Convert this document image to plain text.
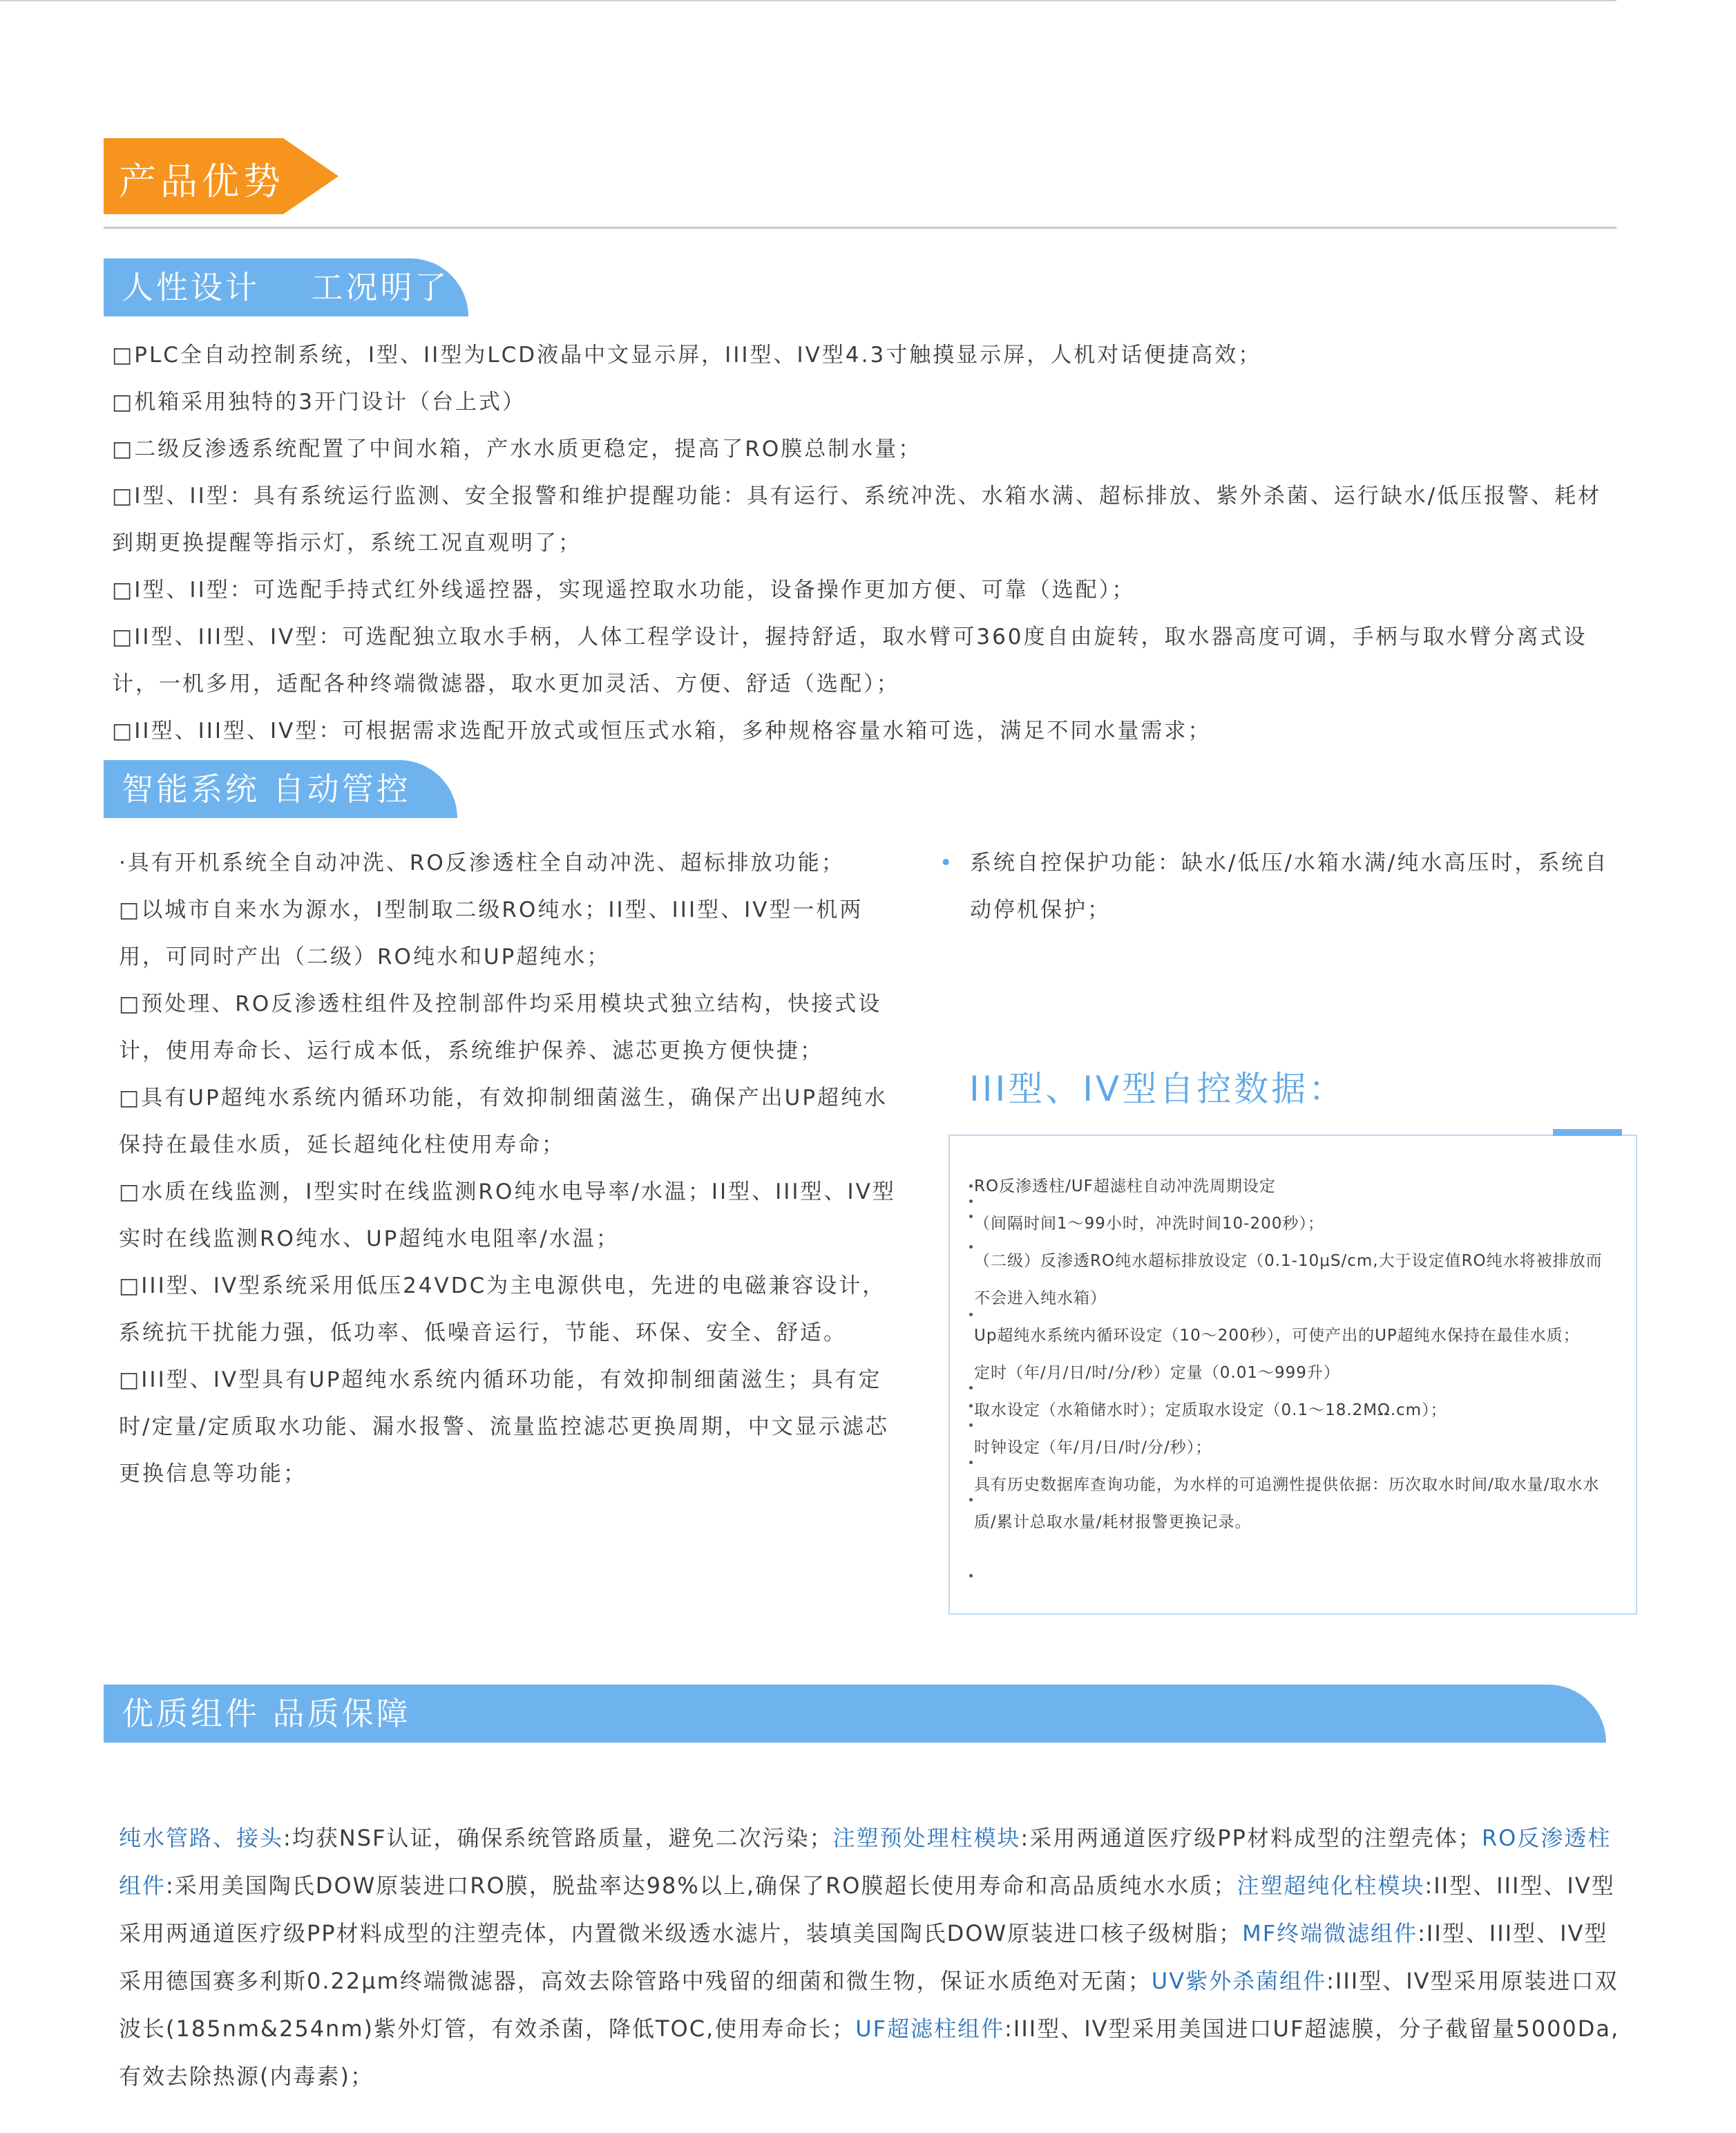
产品优势
人性设计    工况明了
□PLC全自动控制系统，I型、II型为LCD液晶中文显示屏，III型、IV型4.3寸触摸显示屏，人机对话便捷高效；
□机箱采用独特的3开门设计（台上式）
□二级反渗透系统配置了中间水箱，产水水质更稳定，提高了RO膜总制水量；
□I型、II型：具有系统运行监测、安全报警和维护提醒功能：具有运行、系统冲洗、水箱水满、超标排放、紫外杀菌、运行缺水/低压报警、耗材到期更换提醒等指示灯，系统工况直观明了；
□I型、II型：可选配手持式红外线遥控器，实现遥控取水功能，设备操作更加方便、可靠（选配）；
□II型、III型、IV型：可选配独立取水手柄，人体工程学设计，握持舒适，取水臂可360度自由旋转，取水器高度可调，手柄与取水臂分离式设计，一机多用，适配各种终端微滤器，取水更加灵活、方便、舒适（选配）；
□II型、III型、IV型：可根据需求选配开放式或恒压式水箱，多种规格容量水箱可选，满足不同水量需求；
智能系统 自动管控
·具有开机系统全自动冲洗、RO反渗透柱全自动冲洗、超标排放功能；
□以城市自来水为源水，I型制取二级RO纯水；II型、III型、IV型一机两用，可同时产出（二级）RO纯水和UP超纯水；
□预处理、RO反渗透柱组件及控制部件均采用模块式独立结构，快接式设计，使用寿命长、运行成本低，系统维护保养、滤芯更换方便快捷；
□具有UP超纯水系统内循环功能，有效抑制细菌滋生，确保产出UP超纯水保持在最佳水质，延长超纯化柱使用寿命；
□水质在线监测，I型实时在线监测RO纯水电导率/水温；II型、III型、IV型实时在线监测RO纯水、UP超纯水电阻率/水温；
□III型、IV型系统采用低压24VDC为主电源供电，先进的电磁兼容设计，系统抗干扰能力强，低功率、低噪音运行，节能、环保、安全、舒适。
□III型、IV型具有UP超纯水系统内循环功能，有效抑制细菌滋生；具有定时/定量/定质取水功能、漏水报警、流量监控滤芯更换周期，中文显示滤芯更换信息等功能；
• 系统自控保护功能：缺水/低压/水箱水满/纯水高压时，系统自动停机保护；
III型、IV型自控数据：
RO反渗透柱/UF超滤柱自动冲洗周期设定
（间隔时间1～99小时，冲洗时间10-200秒）；
（二级）反渗透RO纯水超标排放设定（0.1-10μS/cm,大于设定值RO纯水将被排放而不会进入纯水箱）
Up超纯水系统内循环设定（10～200秒），可使产出的UP超纯水保持在最佳水质；
定时（年/月/日/时/分/秒）定量（0.01～999升）
取水设定（水箱储水时）；定质取水设定（0.1～18.2MΩ.cm）；
时钟设定（年/月/日/时/分/秒）；
具有历史数据库查询功能，为水样的可追溯性提供依据：历次取水时间/取水量/取水水质/累计总取水量/耗材报警更换记录。
优质组件 品质保障
纯水管路、接头:均获NSF认证，确保系统管路质量，避免二次污染；注塑预处理柱模块:采用两通道医疗级PP材料成型的注塑壳体；RO反渗透柱组件:采用美国陶氏DOW原装进口RO膜，脱盐率达98%以上,确保了RO膜超长使用寿命和高品质纯水水质；注塑超纯化柱模块:II型、III型、IV型采用两通道医疗级PP材料成型的注塑壳体，内置微米级透水滤片，装填美国陶氏DOW原装进口核子级树脂；MF终端微滤组件:II型、III型、IV型采用德国赛多利斯0.22μm终端微滤器，高效去除管路中残留的细菌和微生物，保证水质绝对无菌；UV紫外杀菌组件:III型、IV型采用原装进口双波长(185nm&254nm)紫外灯管，有效杀菌，降低TOC,使用寿命长；UF超滤柱组件:III型、IV型采用美国进口UF超滤膜，分子截留量5000Da,有效去除热源(内毒素)；
